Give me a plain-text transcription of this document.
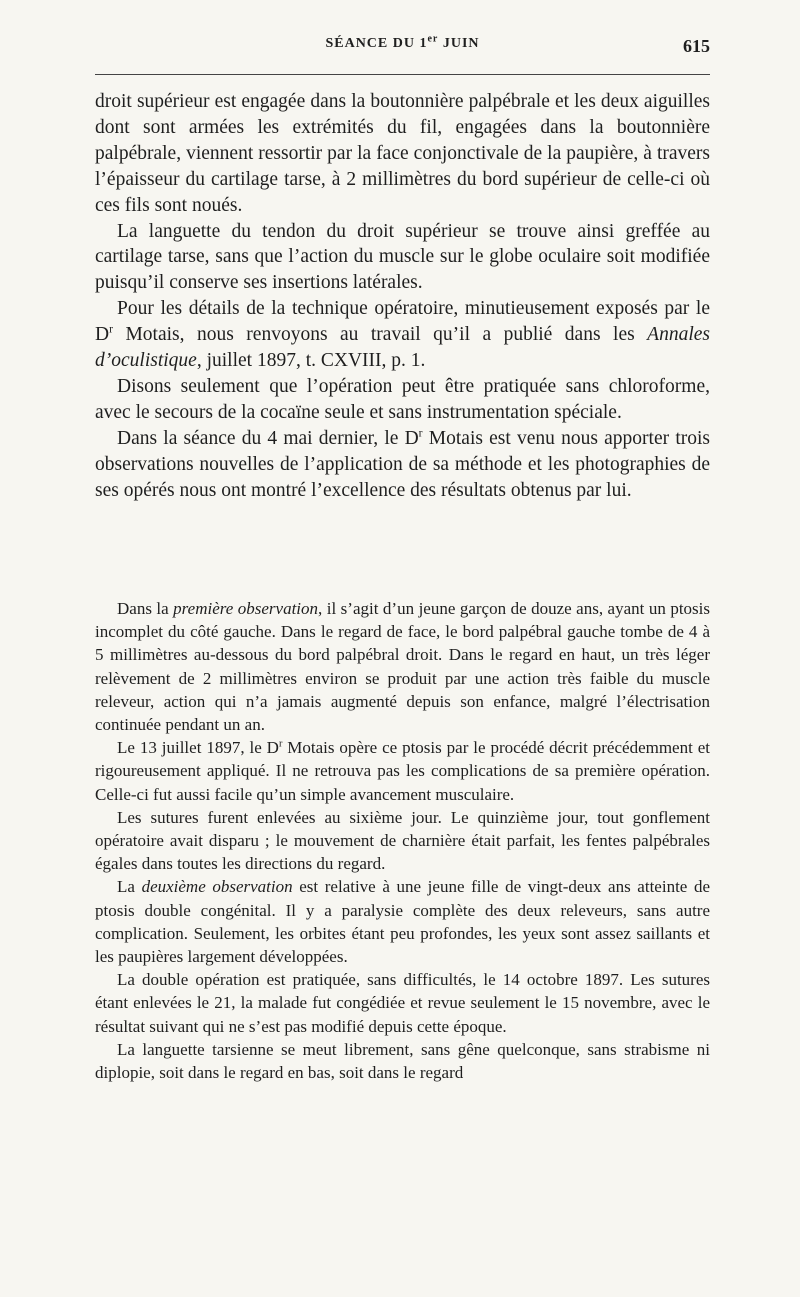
SÉANCE DU 1er JUIN	615

droit supérieur est engagée dans la boutonnière palpébrale et les deux aiguilles dont sont armées les extrémités du fil, engagées dans la boutonnière palpébrale, viennent ressortir par la face conjonctivale de la paupière, à travers l’épaisseur du cartilage tarse, à 2 millimètres du bord supérieur de celle-ci où ces fils sont noués.

La languette du tendon du droit supérieur se trouve ainsi greffée au cartilage tarse, sans que l’action du muscle sur le globe oculaire soit modifiée puisqu’il conserve ses insertions latérales.

Pour les détails de la technique opératoire, minutieusement exposés par le $D^r$ Motais, nous renvoyons au travail qu’il a publié dans les Annales d’oculistique, juillet 1897, t. CXVIII, p. 1.

Disons seulement que l’opération peut être pratiquée sans chloroforme, avec le secours de la cocaïne seule et sans instrumentation spéciale.

Dans la séance du 4 mai dernier, le $D^r$ Motais est venu nous apporter trois observations nouvelles de l’application de sa méthode et les photographies de ses opérés nous ont montré l’excellence des résultats obtenus par lui.

Dans la première observation, il s’agit d’un jeune garçon de douze ans, ayant un ptosis incomplet du côté gauche. Dans le regard de face, le bord palpébral gauche tombe de 4 à 5 millimètres au-dessous du bord palpébral droit. Dans le regard en haut, un très léger relèvement de 2 millimètres environ se produit par une action très faible du muscle releveur, action qui n’a jamais augmenté depuis son enfance, malgré l’électrisation continuée pendant un an.

Le 13 juillet 1897, le $D^r$ Motais opère ce ptosis par le procédé décrit précédemment et rigoureusement appliqué. Il ne retrouva pas les complications de sa première opération. Celle-ci fut aussi facile qu’un simple avancement musculaire.

Les sutures furent enlevées au sixième jour. Le quinzième jour, tout gonflement opératoire avait disparu ; le mouvement de charnière était parfait, les fentes palpébrales égales dans toutes les directions du regard.

La deuxième observation est relative à une jeune fille de vingt-deux ans atteinte de ptosis double congénital. Il y a paralysie complète des deux releveurs, sans autre complication. Seulement, les orbites étant peu profondes, les yeux sont assez saillants et les paupières largement développées.

La double opération est pratiquée, sans difficultés, le 14 octobre 1897. Les sutures étant enlevées le 21, la malade fut congédiée et revue seulement le 15 novembre, avec le résultat suivant qui ne s’est pas modifié depuis cette époque.

La languette tarsienne se meut librement, sans gêne quelconque, sans strabisme ni diplopie, soit dans le regard en bas, soit dans le regard
